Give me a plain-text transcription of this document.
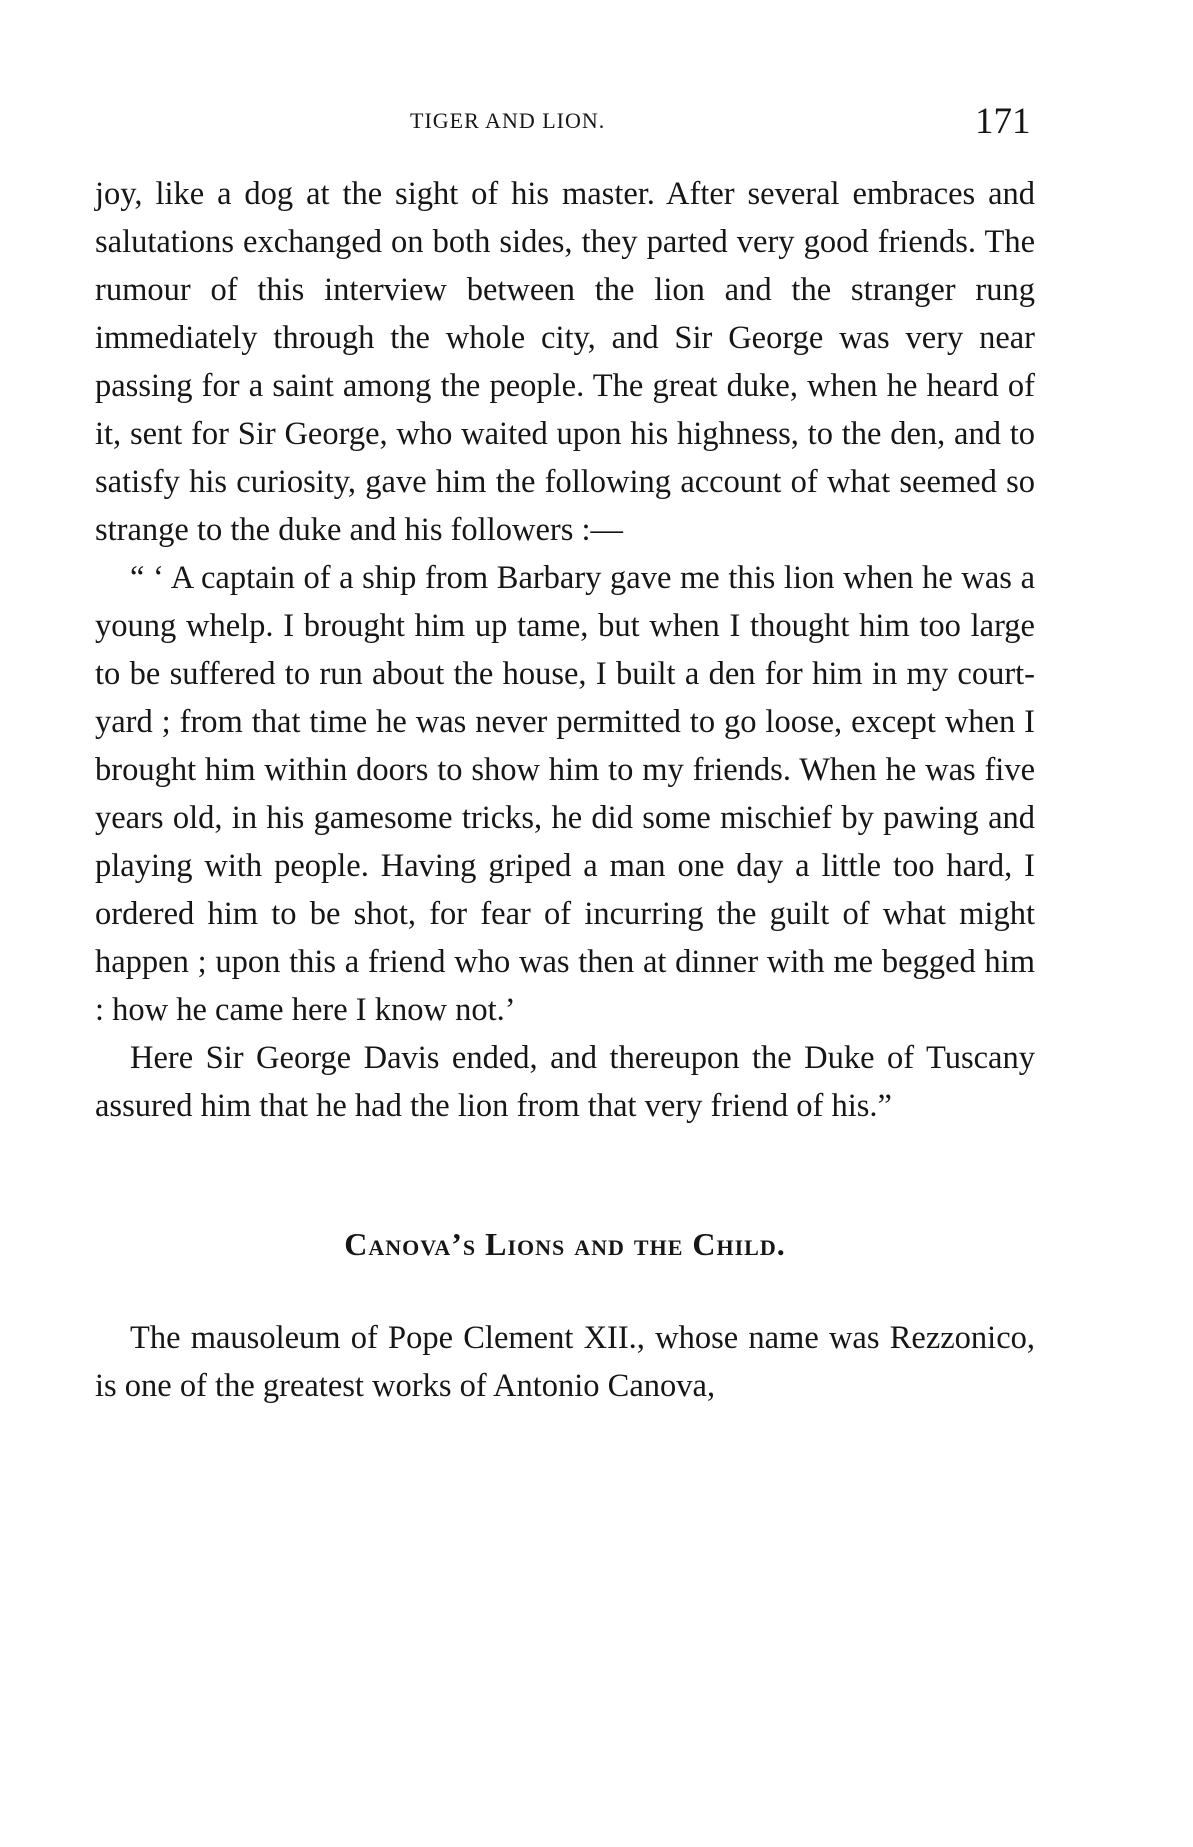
TIGER AND LION.	171

joy, like a dog at the sight of his master. After several embraces and salutations exchanged on both sides, they parted very good friends. The rumour of this interview between the lion and the stranger rung immediately through the whole city, and Sir George was very near passing for a saint among the people. The great duke, when he heard of it, sent for Sir George, who waited upon his highness, to the den, and to satisfy his curiosity, gave him the following account of what seemed so strange to the duke and his followers :—

“ ‘ A captain of a ship from Barbary gave me this lion when he was a young whelp. I brought him up tame, but when I thought him too large to be suffered to run about the house, I built a den for him in my court-yard ; from that time he was never permitted to go loose, except when I brought him within doors to show him to my friends. When he was five years old, in his gamesome tricks, he did some mischief by pawing and playing with people. Having griped a man one day a little too hard, I ordered him to be shot, for fear of incurring the guilt of what might happen ; upon this a friend who was then at dinner with me begged him : how he came here I know not.’

Here Sir George Davis ended, and thereupon the Duke of Tuscany assured him that he had the lion from that very friend of his.”

Canova’s Lions and the Child.

The mausoleum of Pope Clement XII., whose name was Rezzonico, is one of the greatest works of Antonio Canova,
